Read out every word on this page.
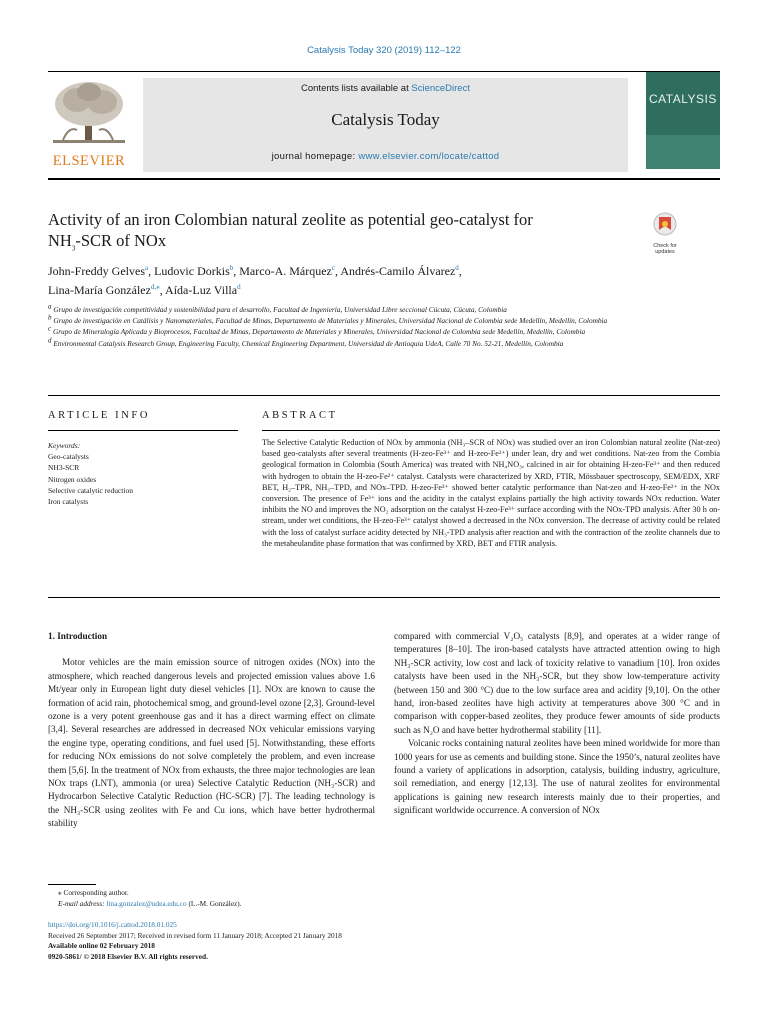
Catalysis Today 320 (2019) 112–122
ELSEVIER
Contents lists available at ScienceDirect
Catalysis Today
journal homepage: www.elsevier.com/locate/cattod
CATALYSIS
Activity of an iron Colombian natural zeolite as potential geo-catalyst for
$NH_3$-SCR of NOx	Check for
updates
John-Freddy Gelves$^a$, Ludovic Dorkis$^b$, Marco-A. Márquez$^c$, Andrés-Camilo Álvarez$^d$,
Lina-María González$^{d,⁎}$, Aída-Luz Villa$^d$
$^a$ Grupo de investigación competitividad y sostenibilidad para el desarrollo, Facultad de Ingeniería, Universidad Libre seccional Cúcuta, Cúcuta, Colombia
$^b$ Grupo de investigación en Catálisis y Nanomateriales, Facultad de Minas, Departamento de Materiales y Minerales, Universidad Nacional de Colombia sede Medellín, Medellín, Colombia
$^c$ Grupo de Mineralogía Aplicada y Bioprocesos, Facultad de Minas, Departamento de Materiales y Minerales, Universidad Nacional de Colombia sede Medellín, Medellín, Colombia
$^d$ Environmental Catalysis Research Group, Engineering Faculty, Chemical Engineering Department, Universidad de Antioquia UdeA, Calle 70 No. 52-21, Medellín, Colombia
ARTICLE INFO	ABSTRACT
Keywords:
Geo-catalysts
NH3-SCR
Nitrogen oxides
Selective catalytic reduction
Iron catalysts
The Selective Catalytic Reduction of NOx by ammonia (NH₃–SCR of NOx) was studied over an iron Colombian natural zeolite (Nat-zeo) based geo-catalysts after several treatments (H-zeo-Fe³⁺ and H-zeo-Fe²⁺) under lean, dry and wet conditions. Nat-zeo from the Combia geological formation in Colombia (South America) was treated with NH₄NO₃, calcined in air for obtaining H-zeo-Fe³⁺ and then reduced with hydrogen to obtain the H-zeo-Fe²⁺ catalyst. Catalysts were characterized by XRD, FTIR, Mössbauer spectroscopy, SEM/EDX, XRF BET, H₂–TPR, NH₃–TPD, and NOx–TPD. H-zeo-Fe³⁺ showed better catalytic performance than Nat-zeo and H-zeo-Fe²⁺ in the NOx conversion. The presence of Fe³⁺ ions and the acidity in the catalyst explains partially the high activity towards NOx reduction. Water inhibits the NO and improves the NO₂ adsorption on the catalyst H-zeo-Fe³⁺ surface according with the NOx-TPD analysis. After 30 h on-stream, under wet conditions, the H-zeo-Fe³⁺ catalyst showed a decreased in the NOx conversion. The decrease of activity could be related with the loss of catalyst surface acidity detected by NH₃-TPD analysis after reaction and with the contraction of the zeolite channels due to the metaheulandite phase formation that was confirmed by XRD, BET and FTIR analysis.

1. Introduction

Motor vehicles are the main emission source of nitrogen oxides (NOx) into the atmosphere, which reached dangerous levels and projected emission values above 1.6 Mt/year only in European light duty diesel vehicles [1]. NOx are known to cause the formation of acid rain, photochemical smog, and ground-level ozone [2,3]. Ground-level ozone is a very potent greenhouse gas and it has a direct warming effect on climate [3,4]. Several researches are addressed in decreased NOx vehicular emissions varying the engine type, operating conditions, and fuel used [5]. Notwithstanding, these efforts for reducing NOx emissions do not solve completely the problem, and even increase them [5,6]. In the treatment of NOx from exhausts, the three major technologies are lean NOx traps (LNT), ammonia (or urea) Selective Catalytic Reduction (NH₃-SCR) and Hydrocarbon Selective Catalytic Reduction (HC-SCR) [7]. The leading technology is the NH₃-SCR using zeolites with Fe and Cu ions, which have better hydrothermal stability

compared with commercial V₂O₅ catalysts [8,9], and operates at a wider range of temperatures [8–10]. The iron-based catalysts have attracted attention owing to high NH₃-SCR activity, low cost and lack of toxicity relative to vanadium [10]. Iron oxides catalysts have been used in the NH₃-SCR, but they show low-temperature activity (between 150 and 300 °C) due to the low surface area and acidity [9,10]. On the other hand, iron-based zeolites have high activity at temperatures above 300 °C and in comparison with copper-based zeolites, they produce fewer amounts of side products such as N₂O and have better hydrothermal stability [11].

Volcanic rocks containing natural zeolites have been mined worldwide for more than 1000 years for use as cements and building stone. Since the 1950’s, natural zeolites have found a variety of applications in adsorption, catalysis, building industry, agriculture, soil remediation, and energy [12,13]. The use of natural zeolites for environmental applications is gaining new research interests mainly due to their properties, and significant worldwide occurrence. A conversion of NOx

⁎ Corresponding author.
E-mail address: lina.gonzalez@udea.edu.co (L.-M. González).
https://doi.org/10.1016/j.cattod.2018.01.025
Received 26 September 2017; Received in revised form 11 January 2018; Accepted 21 January 2018
Available online 02 February 2018
0920-5861/ © 2018 Elsevier B.V. All rights reserved.
